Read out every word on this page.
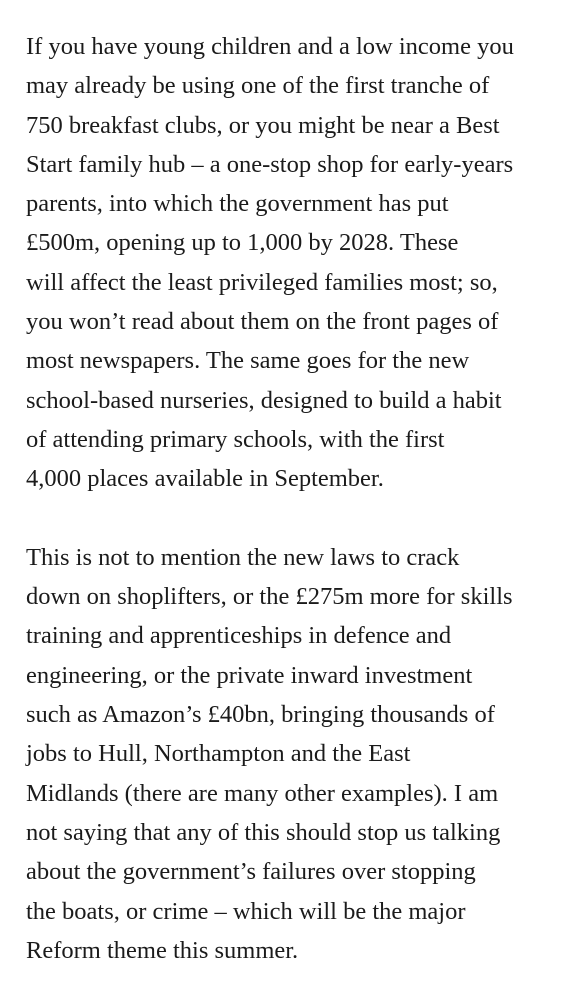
If you have young children and a low income you
may already be using one of the first tranche of
750 breakfast clubs, or you might be near a Best
Start family hub – a one-stop shop for early-years
parents, into which the government has put
£500m, opening up to 1,000 by 2028. These
will affect the least privileged families most; so,
you won’t read about them on the front pages of
most newspapers. The same goes for the new
school-based nurseries, designed to build a habit
of attending primary schools, with the first
4,000 places available in September.

This is not to mention the new laws to crack
down on shoplifters, or the £275m more for skills
training and apprenticeships in defence and
engineering, or the private inward investment
such as Amazon’s £40bn, bringing thousands of
jobs to Hull, Northampton and the East
Midlands (there are many other examples). I am
not saying that any of this should stop us talking
about the government’s failures over stopping
the boats, or crime – which will be the major
Reform theme this summer.
